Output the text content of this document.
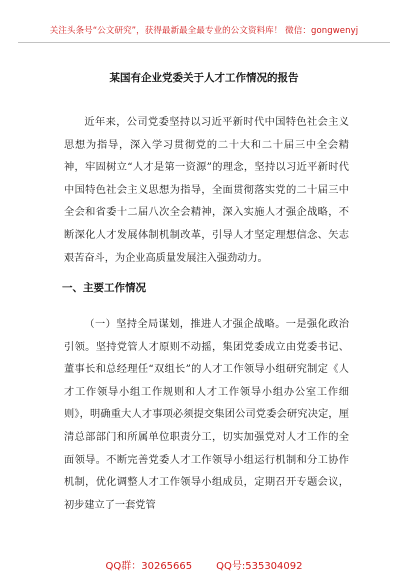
关注头条号“公文研究”，获得最新最全最专业的公文资料库！ 微信：gongwenyj
某国有企业党委关于人才工作情况的报告

近年来，公司党委坚持以习近平新时代中国特色社会主义思想为指导，深入学习贯彻党的二十大和二十届三中全会精神，牢固树立“人才是第一资源”的理念，坚持以习近平新时代中国特色社会主义思想为指导，全面贯彻落实党的二十届三中全会和省委十二届八次全会精神，深入实施人才强企战略，不断深化人才发展体制机制改革，引导人才坚定理想信念、矢志艰苦奋斗，为企业高质量发展注入强劲动力。

一、主要工作情况

（一）坚持全局谋划，推进人才强企战略。一是强化政治引领。坚持党管人才原则不动摇，集团党委成立由党委书记、董事长和总经理任“双组长”的人才工作领导小组研究制定《人才工作领导小组工作规则和人才工作领导小组办公室工作细则》，明确重大人才事项必须提交集团公司党委会研究决定，厘清总部部门和所属单位职责分工，切实加强党对人才工作的全面领导。不断完善党委人才工作领导小组运行机制和分工协作机制，优化调整人才工作领导小组成员，定期召开专题会议，初步建立了一套党管

QQ群：30265665 QQ号:535304092
